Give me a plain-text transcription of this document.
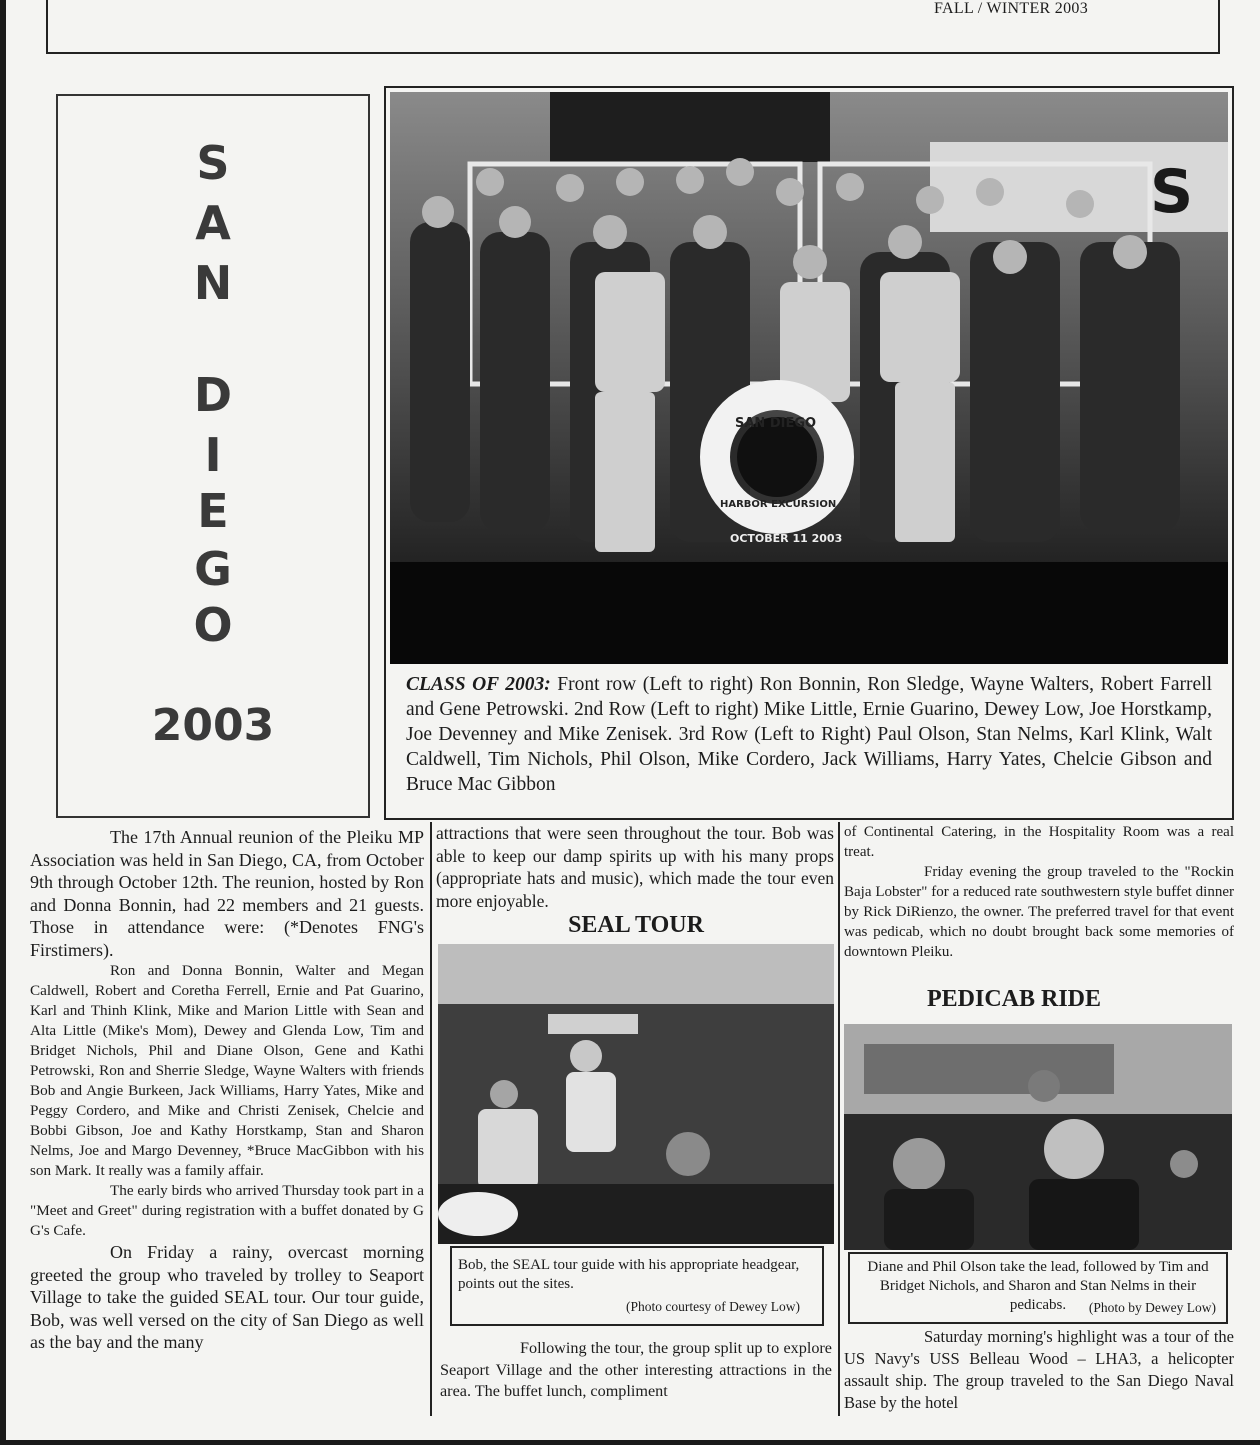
FALL / WINTER 2003
S
A
N
D
I
E
G
O
2003
S
SAN DIEGO
HARBOR EXCURSION
OCTOBER 11 2003
CLASS OF 2003: Front row (Left to right) Ron Bonnin, Ron Sledge, Wayne Walters, Robert Farrell and Gene Petrowski. 2nd Row (Left to right) Mike Little, Ernie Guarino, Dewey Low, Joe Horstkamp, Joe Devenney and Mike Zenisek. 3rd Row (Left to Right) Paul Olson, Stan Nelms, Karl Klink, Walt Caldwell, Tim Nichols, Phil Olson, Mike Cordero, Jack Williams, Harry Yates, Chelcie Gibson and Bruce Mac Gibbon

The 17th Annual reunion of the Pleiku MP Association was held in San Diego, CA, from October 9th through October 12th. The reunion, hosted by Ron and Donna Bonnin, had 22 members and 21 guests. Those in attendance were: (*Denotes FNG's Firstimers).

Ron and Donna Bonnin, Walter and Megan Caldwell, Robert and Coretha Ferrell, Ernie and Pat Guarino, Karl and Thinh Klink, Mike and Marion Little with Sean and Alta Little (Mike's Mom), Dewey and Glenda Low, Tim and Bridget Nichols, Phil and Diane Olson, Gene and Kathi Petrowski, Ron and Sherrie Sledge, Wayne Walters with friends Bob and Angie Burkeen, Jack Williams, Harry Yates, Mike and Peggy Cordero, and Mike and Christi Zenisek, Chelcie and Bobbi Gibson, Joe and Kathy Horstkamp, Stan and Sharon Nelms, Joe and Margo Devenney, *Bruce MacGibbon with his son Mark. It really was a family affair.

The early birds who arrived Thursday took part in a "Meet and Greet" during registration with a buffet donated by G G's Cafe.

On Friday a rainy, overcast morning greeted the group who traveled by trolley to Seaport Village to take the guided SEAL tour. Our tour guide, Bob, was well versed on the city of San Diego as well as the bay and the many

attractions that were seen throughout the tour. Bob was able to keep our damp spirits up with his many props (appropriate hats and music), which made the tour even more enjoyable.

SEAL TOUR
Bob, the SEAL tour guide with his appropriate headgear, points out the sites.
(Photo courtesy of Dewey Low)

Following the tour, the group split up to explore Seaport Village and the other interesting attractions in the area. The buffet lunch, compliment

of Continental Catering, in the Hospitality Room was a real treat.

Friday evening the group traveled to the "Rockin Baja Lobster" for a reduced rate southwestern style buffet dinner by Rick DiRienzo, the owner. The preferred travel for that event was pedicab, which no doubt brought back some memories of downtown Pleiku.

PEDICAB RIDE
Diane and Phil Olson take the lead, followed by Tim and Bridget Nichols, and Sharon and Stan Nelms in their pedicabs.	(Photo by Dewey Low)

Saturday morning's highlight was a tour of the US Navy's USS Belleau Wood – LHA3, a helicopter assault ship. The group traveled to the San Diego Naval Base by the hotel
